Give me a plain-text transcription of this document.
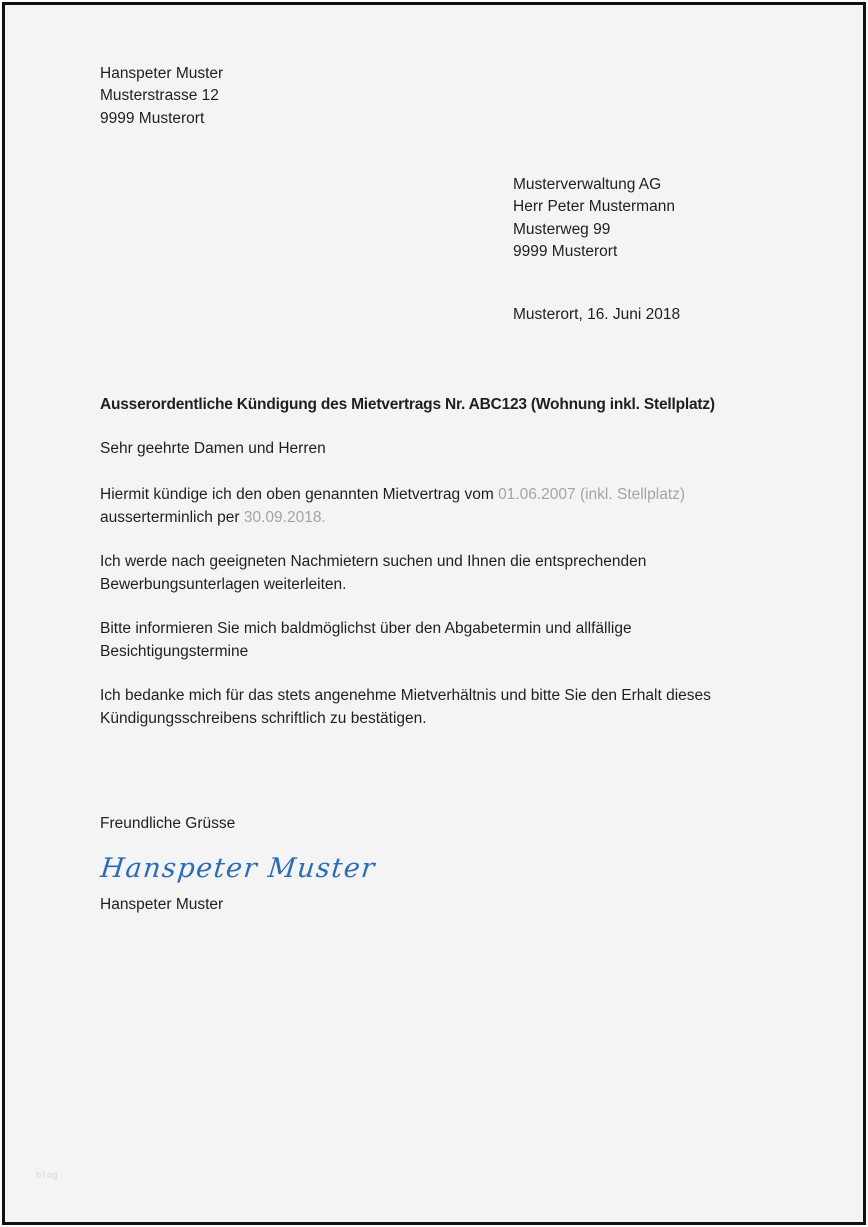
Hanspeter Muster
Musterstrasse 12
9999 Musterort
Musterverwaltung AG
Herr Peter Mustermann
Musterweg 99
9999 Musterort
Musterort, 16. Juni 2018
Ausserordentliche Kündigung des Mietvertrags Nr. ABC123 (Wohnung inkl. Stellplatz)
Sehr geehrte Damen und Herren
Hiermit kündige ich den oben genannten Mietvertrag vom 01.06.2007 (inkl. Stellplatz)
ausserterminlich per 30.09.2018.
Ich werde nach geeigneten Nachmietern suchen und Ihnen die entsprechenden
Bewerbungsunterlagen weiterleiten.
Bitte informieren Sie mich baldmöglichst über den Abgabetermin und allfällige
Besichtigungstermine
Ich bedanke mich für das stets angenehme Mietverhältnis und bitte Sie den Erhalt dieses
Kündigungsschreibens schriftlich zu bestätigen.
Freundliche Grüsse
Hanspeter Muster
Hanspeter Muster
blog
